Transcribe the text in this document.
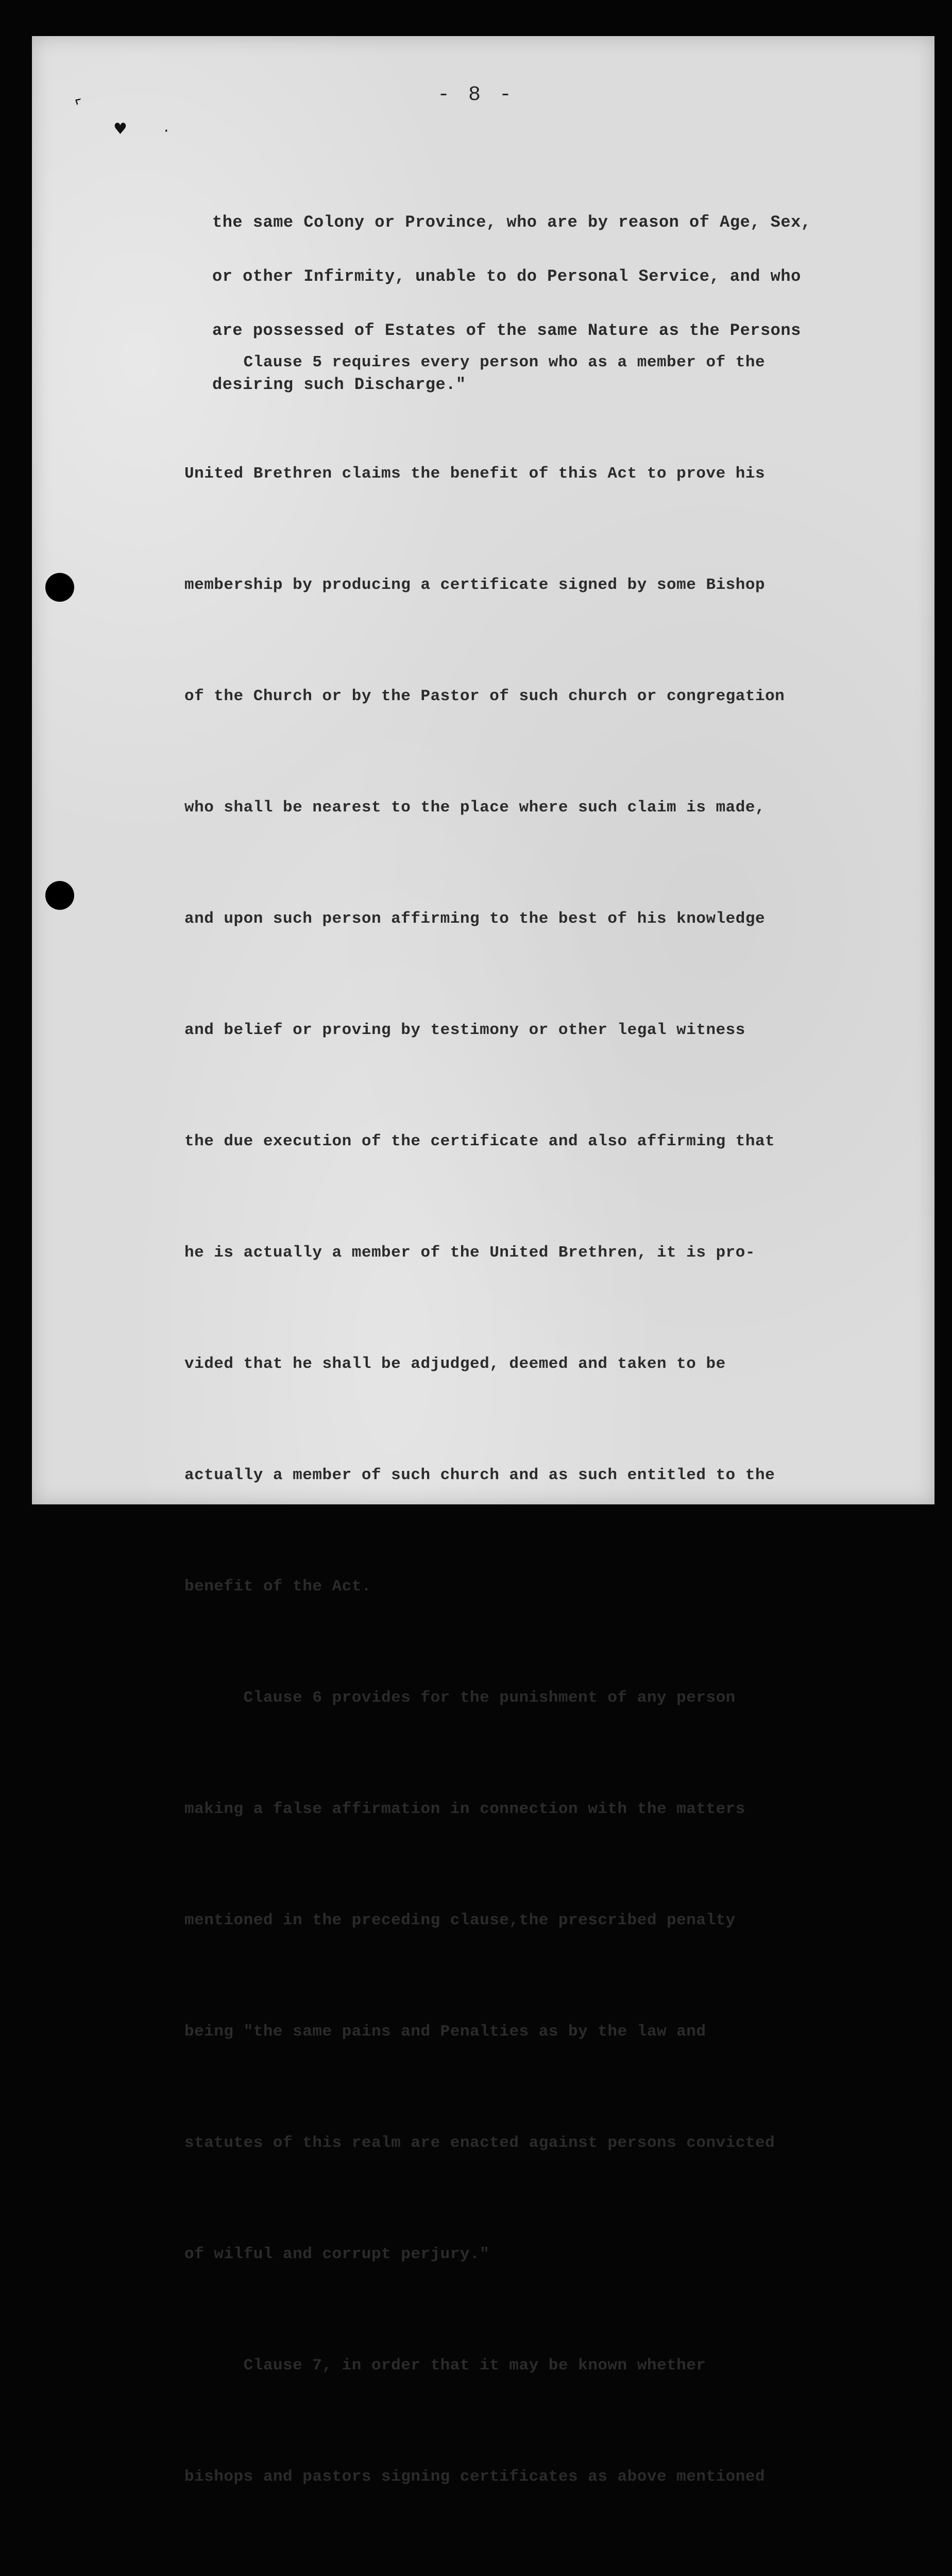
‹
♥ ·
- 8 -

the same Colony or Province, who are by reason of Age, Sex,

or other Infirmity, unable to do Personal Service, and who

are possessed of Estates of the same Nature as the Persons

desiring such Discharge."

Clause 5 requires every person who as a member of the

United Brethren claims the benefit of this Act to prove his

membership by producing a certificate signed by some Bishop

of the Church or by the Pastor of such church or congregation

who shall be nearest to the place where such claim is made,

and upon such person affirming to the best of his knowledge

and belief or proving by testimony or other legal witness

the due execution of the certificate and also affirming that

he is actually a member of the United Brethren, it is pro-

vided that he shall be adjudged, deemed and taken to be

actually a member of such church and as such entitled to the

benefit of the Act.

Clause 6 provides for the punishment of any person

making a false affirmation in connection with the matters

mentioned in the preceding clause,the prescribed penalty

being "the same pains and Penalties as by the law and

statutes of this realm are enacted against persons convicted

of wilful and corrupt perjury."

Clause 7, in order that it may be known whether

bishops and pastors signing certificates as above mentioned
